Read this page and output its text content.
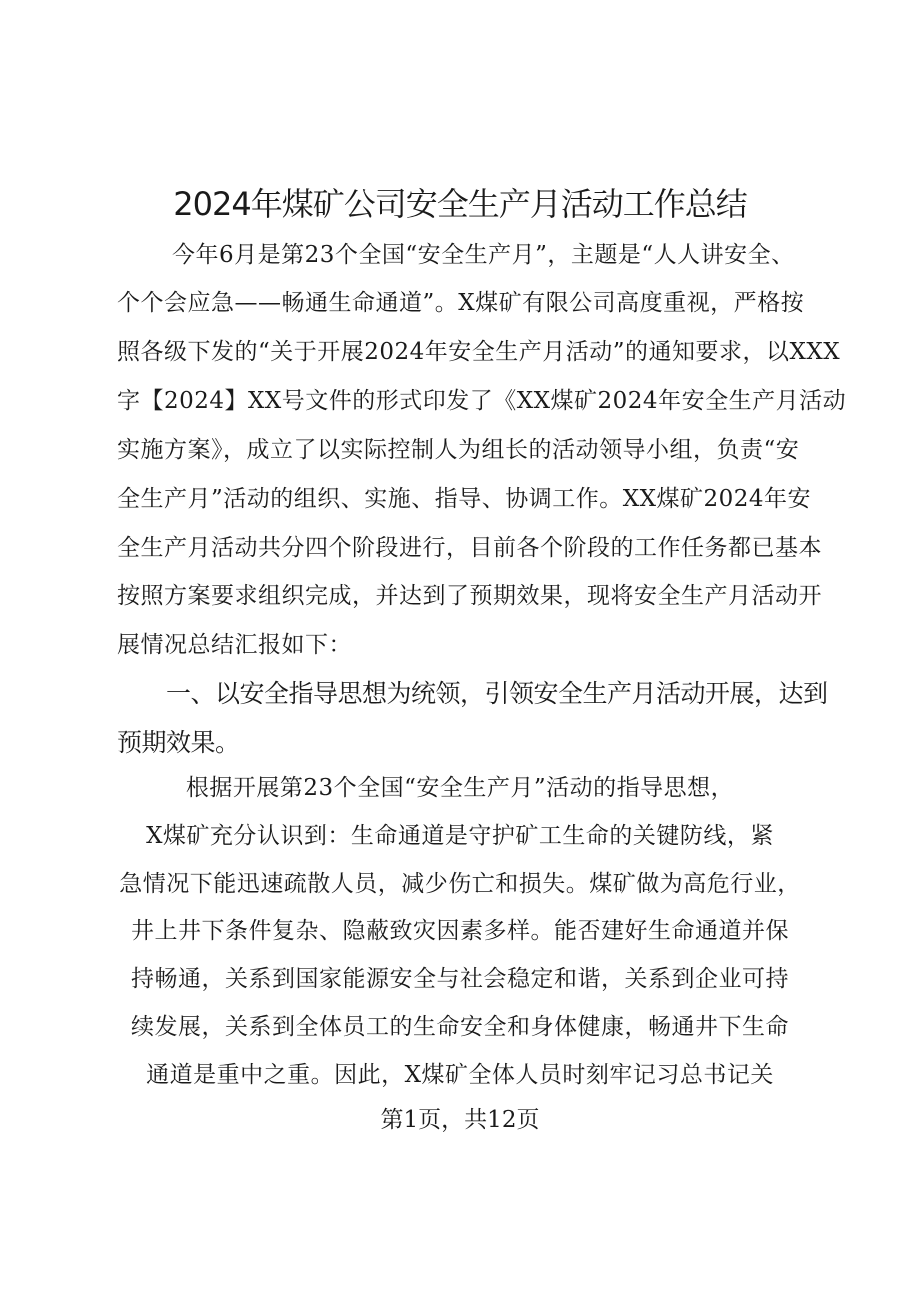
2024年煤矿公司安全生产月活动工作总结
今年6月是第23个全国“安全生产月”，主题是“人人讲安全、
个个会应急——畅通生命通道”。X煤矿有限公司高度重视，严格按
照各级下发的“关于开展2024年安全生产月活动”的通知要求，以XXX
字【2024】XX号文件的形式印发了《XX煤矿2024年安全生产月活动
实施方案》，成立了以实际控制人为组长的活动领导小组，负责“安
全生产月”活动的组织、实施、指导、协调工作。XX煤矿2024年安
全生产月活动共分四个阶段进行，目前各个阶段的工作任务都已基本
按照方案要求组织完成，并达到了预期效果，现将安全生产月活动开
展情况总结汇报如下：
一、以安全指导思想为统领，引领安全生产月活动开展，达到
预期效果。
根据开展第23个全国“安全生产月”活动的指导思想，
X煤矿充分认识到：生命通道是守护矿工生命的关键防线，紧
急情况下能迅速疏散人员，减少伤亡和损失。煤矿做为高危行业，
井上井下条件复杂、隐蔽致灾因素多样。能否建好生命通道并保
持畅通，关系到国家能源安全与社会稳定和谐，关系到企业可持
续发展，关系到全体员工的生命安全和身体健康，畅通井下生命
通道是重中之重。因此，X煤矿全体人员时刻牢记习总书记关
第1页，共12页
